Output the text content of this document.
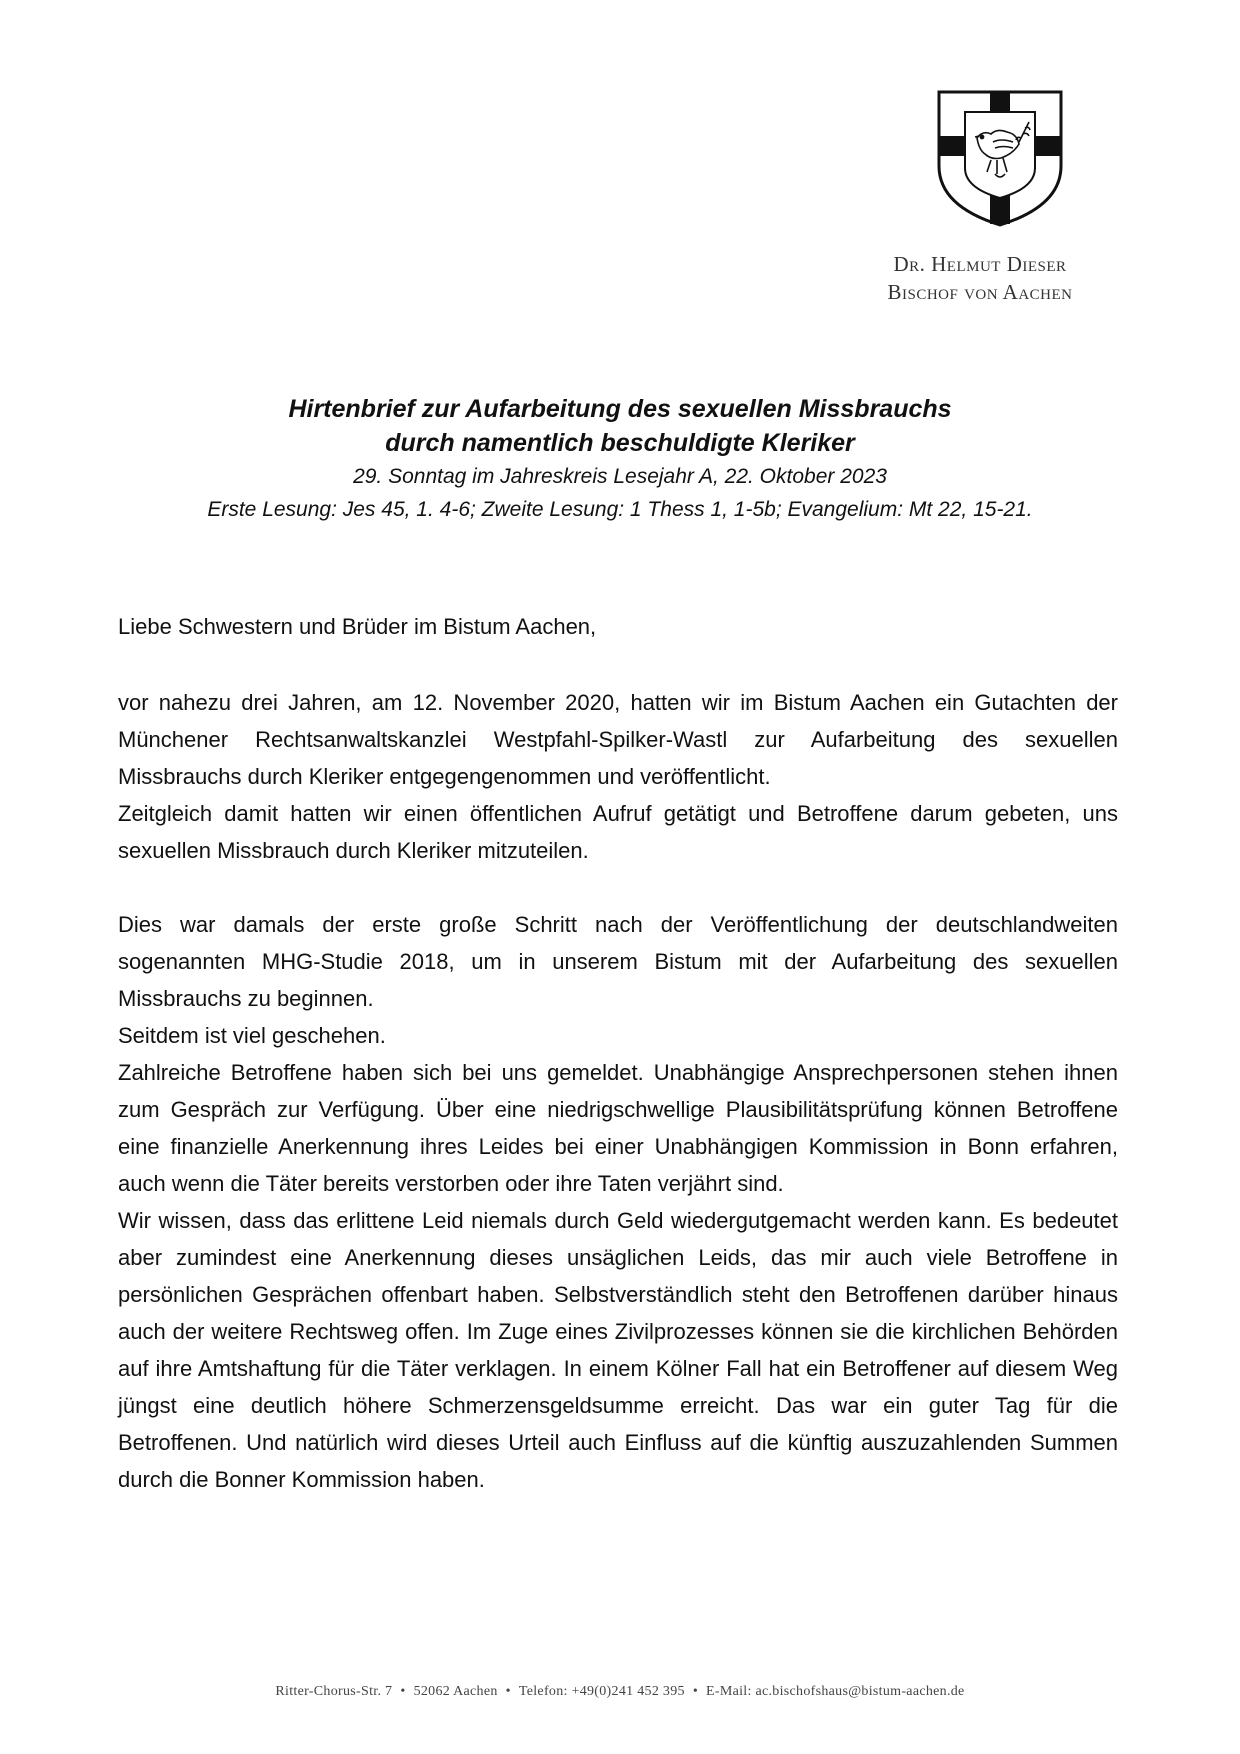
Dr. Helmut Dieser
Bischof von Aachen
Hirtenbrief zur Aufarbeitung des sexuellen Missbrauchs
durch namentlich beschuldigte Kleriker
29. Sonntag im Jahreskreis Lesejahr A, 22. Oktober 2023
Erste Lesung: Jes 45, 1. 4-6; Zweite Lesung: 1 Thess 1, 1-5b; Evangelium: Mt 22, 15-21.
Liebe Schwestern und Brüder im Bistum Aachen,

vor nahezu drei Jahren, am 12. November 2020, hatten wir im Bistum Aachen ein Gutachten der Münchener Rechtsanwaltskanzlei Westpfahl-Spilker-Wastl zur Aufarbeitung des sexuellen Missbrauchs durch Kleriker entgegengenommen und veröffentlicht.

Zeitgleich damit hatten wir einen öffentlichen Aufruf getätigt und Betroffene darum gebeten, uns sexuellen Missbrauch durch Kleriker mitzuteilen.

Dies war damals der erste große Schritt nach der Veröffentlichung der deutschlandweiten sogenannten MHG-Studie 2018, um in unserem Bistum mit der Aufarbeitung des sexuellen Missbrauchs zu beginnen.

Seitdem ist viel geschehen.

Zahlreiche Betroffene haben sich bei uns gemeldet. Unabhängige Ansprechpersonen stehen ihnen zum Gespräch zur Verfügung. Über eine niedrigschwellige Plausibilitätsprüfung können Betroffene eine finanzielle Anerkennung ihres Leides bei einer Unabhängigen Kommission in Bonn erfahren, auch wenn die Täter bereits verstorben oder ihre Taten verjährt sind.

Wir wissen, dass das erlittene Leid niemals durch Geld wiedergutgemacht werden kann. Es bedeutet aber zumindest eine Anerkennung dieses unsäglichen Leids, das mir auch viele Betroffene in persönlichen Gesprächen offenbart haben. Selbstverständlich steht den Betroffenen darüber hinaus auch der weitere Rechtsweg offen. Im Zuge eines Zivilprozesses können sie die kirchlichen Behörden auf ihre Amtshaftung für die Täter verklagen. In einem Kölner Fall hat ein Betroffener auf diesem Weg jüngst eine deutlich höhere Schmerzensgeldsumme erreicht. Das war ein guter Tag für die Betroffenen. Und natürlich wird dieses Urteil auch Einfluss auf die künftig auszuzahlenden Summen durch die Bonner Kommission haben.

Ritter-Chorus-Str. 7 • 52062 Aachen • Telefon: +49(0)241 452 395 • E-Mail: ac.bischofshaus@bistum-aachen.de
